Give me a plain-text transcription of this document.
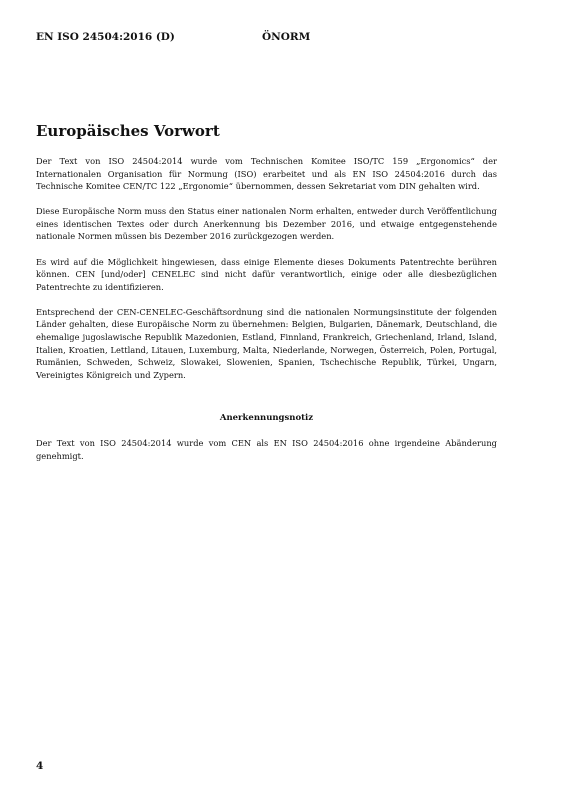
EN ISO 24504:2016 (D)	ÖNORM
Europäisches Vorwort

Der Text von ISO 24504:2014 wurde vom Technischen Komitee ISO/TC 159 „Ergonomics“ der Internationalen Organisation für Normung (ISO) erarbeitet und als EN ISO 24504:2016 durch das Technische Komitee CEN/TC 122 „Ergonomie“ übernommen, dessen Sekretariat vom DIN gehalten wird.

Diese Europäische Norm muss den Status einer nationalen Norm erhalten, entweder durch Veröffentlichung eines identischen Textes oder durch Anerkennung bis Dezember 2016, und etwaige entgegenstehende nationale Normen müssen bis Dezember 2016 zurückgezogen werden.

Es wird auf die Möglichkeit hingewiesen, dass einige Elemente dieses Dokuments Patentrechte berühren können. CEN [und/oder] CENELEC sind nicht dafür verantwortlich, einige oder alle diesbezüglichen Patentrechte zu identifizieren.

Entsprechend der CEN-CENELEC-Geschäftsordnung sind die nationalen Normungsinstitute der folgenden Länder gehalten, diese Europäische Norm zu übernehmen: Belgien, Bulgarien, Dänemark, Deutschland, die ehemalige jugoslawische Republik Mazedonien, Estland, Finnland, Frankreich, Griechenland, Irland, Island, Italien, Kroatien, Lettland, Litauen, Luxemburg, Malta, Niederlande, Norwegen, Österreich, Polen, Portugal, Rumänien, Schweden, Schweiz, Slowakei, Slowenien, Spanien, Tschechische Republik, Türkei, Ungarn, Vereinigtes Königreich und Zypern.

Anerkennungsnotiz

Der Text von ISO 24504:2014 wurde vom CEN als EN ISO 24504:2016 ohne irgendeine Abänderung genehmigt.

4
